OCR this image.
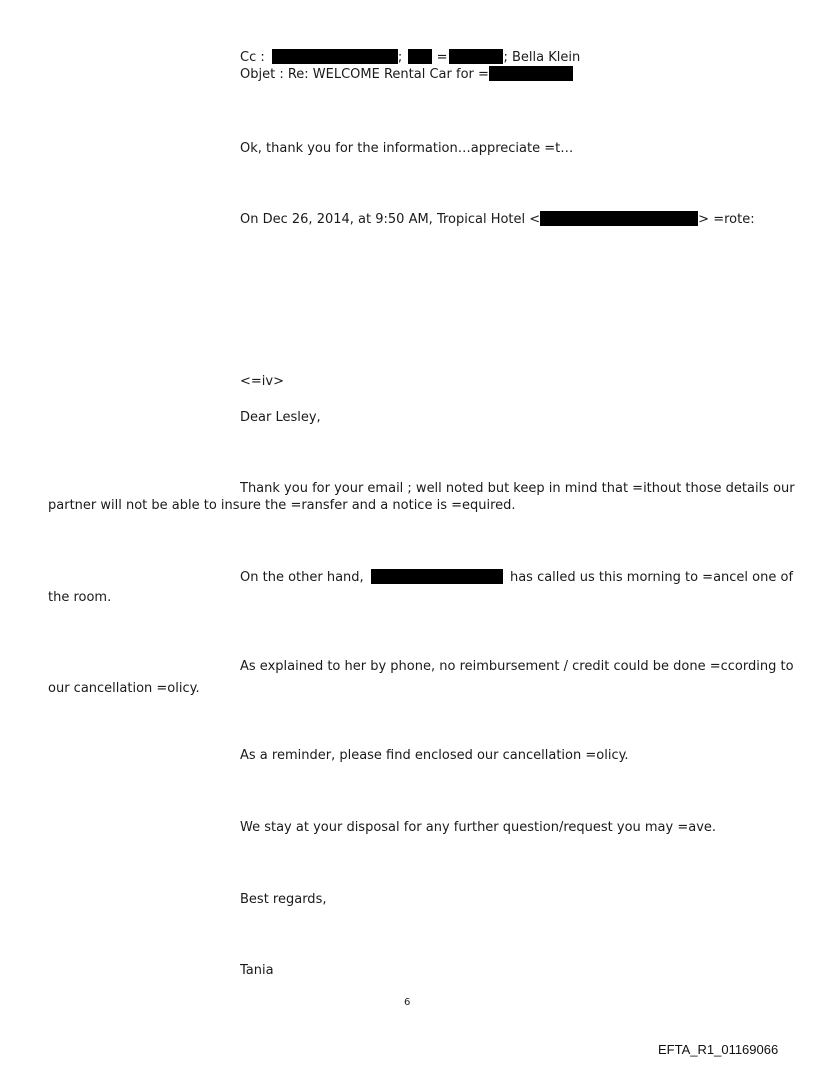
Cc :	;	=	; Bella Klein
Objet : Re: WELCOME Rental Car for =
Ok, thank you for the information…appreciate =t…
On Dec 26, 2014, at 9:50 AM, Tropical Hotel <	> =rote:
<=iv>
Dear Lesley,
Thank you for your email ; well noted but keep in mind that =ithout those details our
partner will not be able to insure the =ransfer and a notice is =equired.
On the other hand,	has called us this morning to =ancel one of
the room.
As explained to her by phone, no reimbursement / credit could be done =ccording to
our cancellation =olicy.
As a reminder, please find enclosed our cancellation =olicy.
We stay at your disposal for any further question/request you may =ave.
Best regards,
Tania
6
EFTA_R1_01169066
